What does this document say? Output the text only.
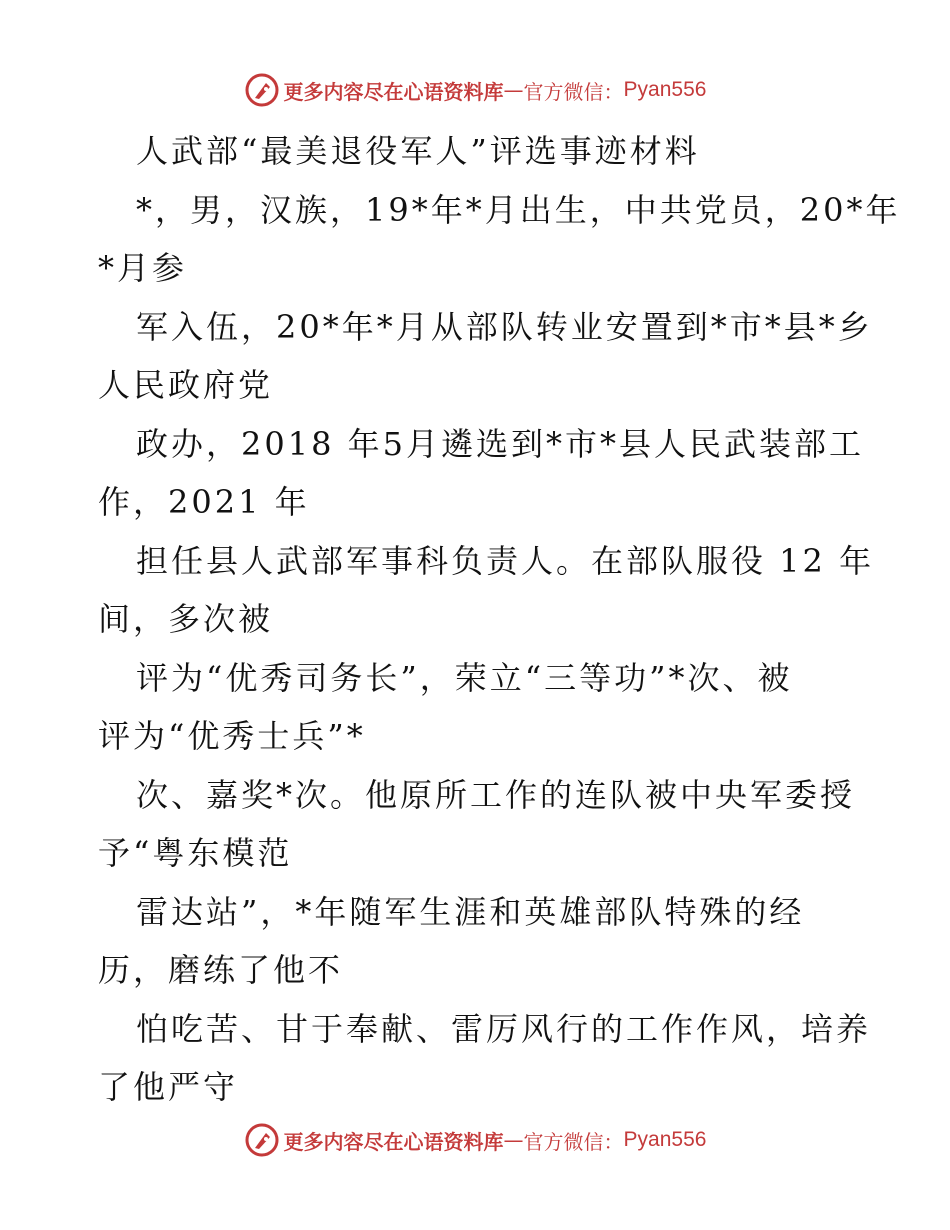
更多内容尽在心语资料库 — 官方微信： Pyan556
人武部“最美退役军人”评选事迹材料
*，男，汉族，19*年*月出生，中共党员，20*年
*月参
军入伍，20*年*月从部队转业安置到*市*县*乡
人民政府党
政办，2018 年5月遴选到*市*县人民武装部工
作，2021 年
担任县人武部军事科负责人。在部队服役 12 年
间，多次被
评为“优秀司务长”，荣立“三等功”*次、被
评为“优秀士兵”*
次、嘉奖*次。他原所工作的连队被中央军委授
予“粤东模范
雷达站”，*年随军生涯和英雄部队特殊的经
历，磨练了他不
怕吃苦、甘于奉献、雷厉风行的工作作风，培养
了他严守
更多内容尽在心语资料库 — 官方微信： Pyan556
